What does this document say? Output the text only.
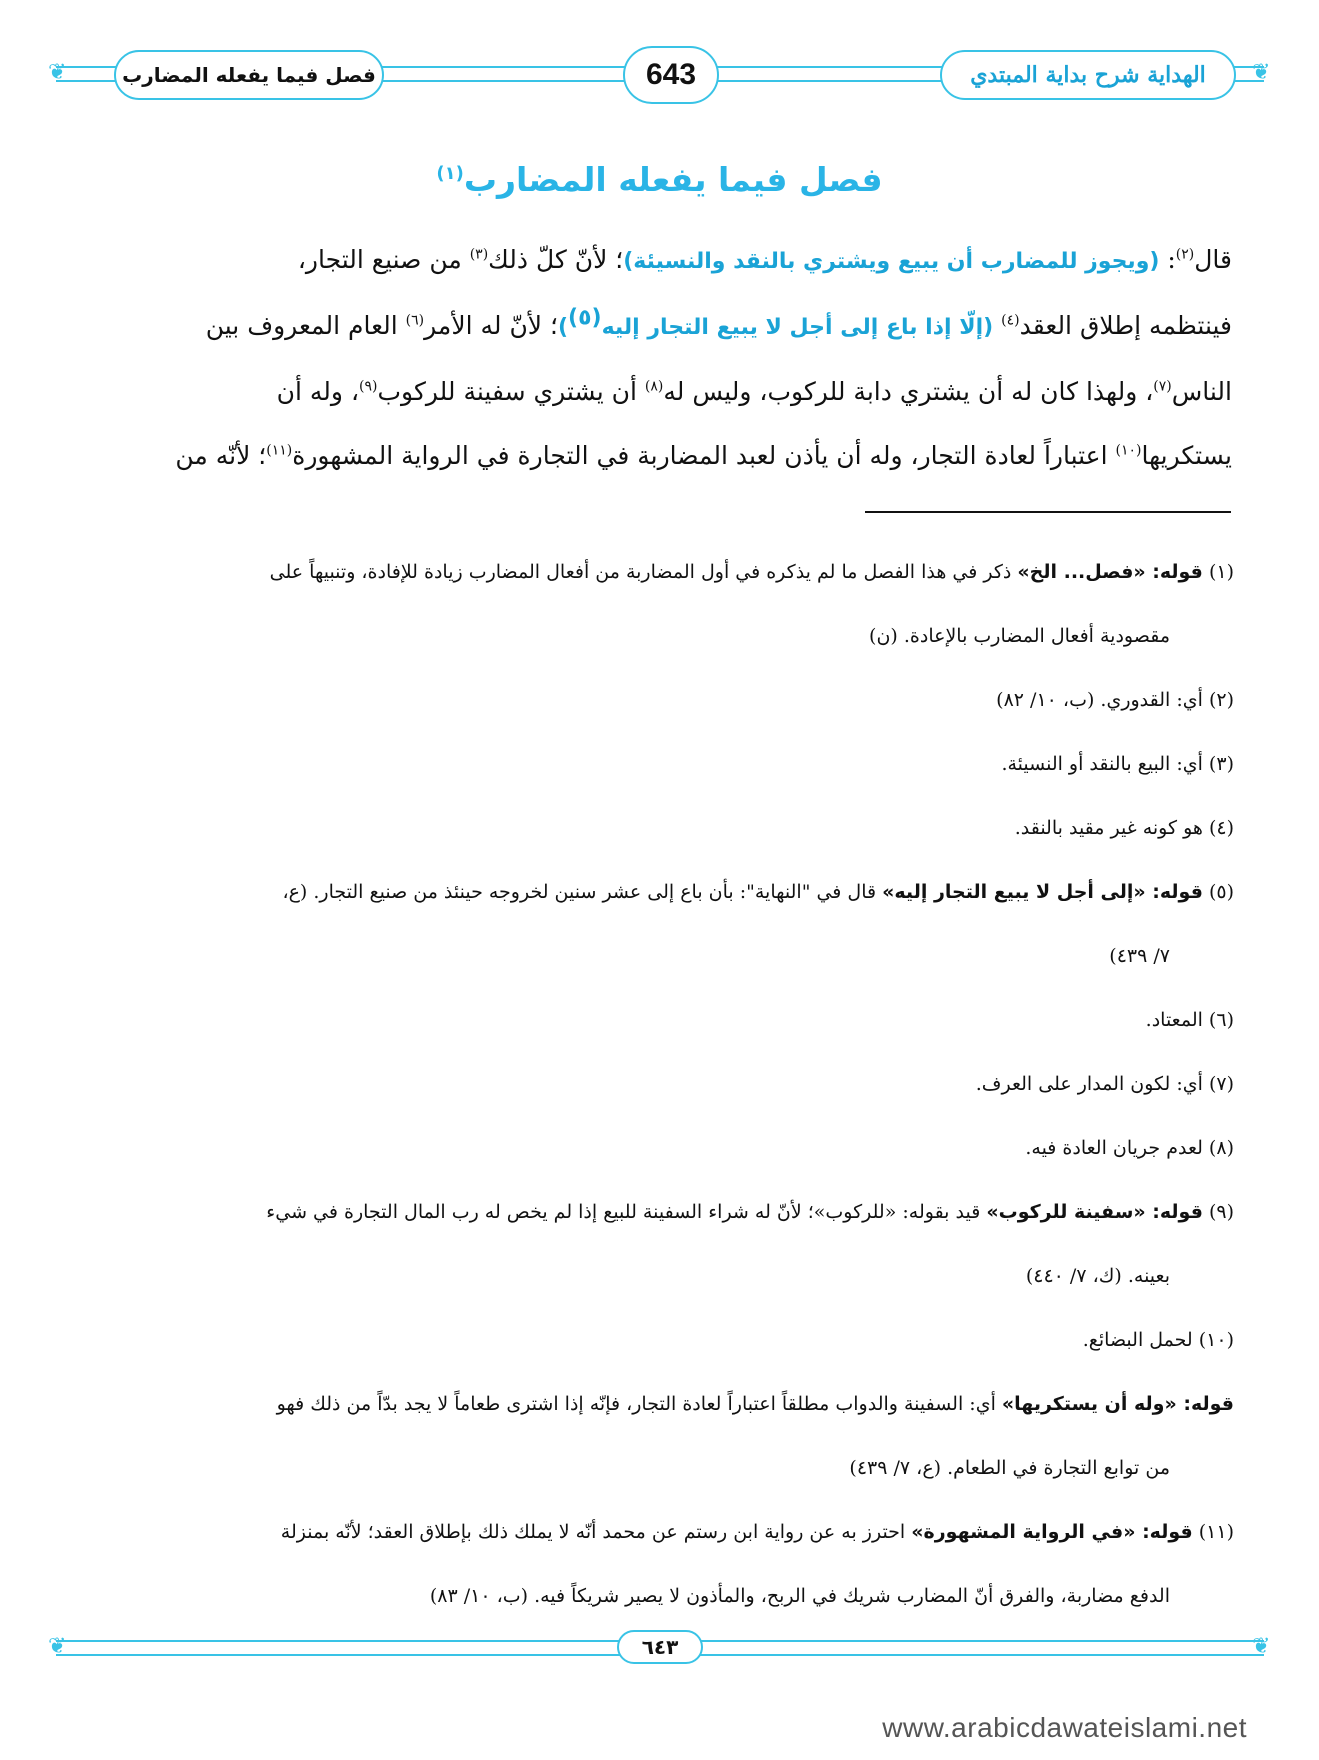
❦	❦
فصل فيما يفعله المضارب	643	الهداية شرح بداية المبتدي
فصل فيما يفعله المضارب$^{(١)}$
قال$^{(٢)}$: (ويجوز للمضارب أن يبيع ويشتري بالنقد والنسيئة)؛ لأنّ كلّ ذلك$^{(٣)}$ من صنيع التجار،
فينتظمه إطلاق العقد$^{(٤)}$ (إلّا إذا باع إلى أجل لا يبيع التجار إليه$^{(٥)}$)؛ لأنّ له الأمر$^{(٦)}$ العام المعروف بين
الناس$^{(٧)}$، ولهذا كان له أن يشتري دابة للركوب، وليس له$^{(٨)}$ أن يشتري سفينة للركوب$^{(٩)}$، وله أن
يستكريها$^{(١٠)}$ اعتباراً لعادة التجار، وله أن يأذن لعبد المضاربة في التجارة في الرواية المشهورة$^{(١١)}$؛ لأنّه من
(١) قوله: «فصل... الخ» ذكر في هذا الفصل ما لم يذكره في أول المضاربة من أفعال المضارب زيادة للإفادة، وتنبيهاً على
مقصودية أفعال المضارب بالإعادة. (ن)
(٢) أي: القدوري. (ب، ١٠/ ٨٢)
(٣) أي: البيع بالنقد أو النسيئة.
(٤) هو كونه غير مقيد بالنقد.
(٥) قوله: «إلى أجل لا يبيع التجار إليه» قال في "النهاية": بأن باع إلى عشر سنين لخروجه حينئذ من صنيع التجار. (ع،
٧/ ٤٣٩)
(٦) المعتاد.
(٧) أي: لكون المدار على العرف.
(٨) لعدم جريان العادة فيه.
(٩) قوله: «سفينة للركوب» قيد بقوله: «للركوب»؛ لأنّ له شراء السفينة للبيع إذا لم يخص له رب المال التجارة في شيء
بعينه. (ك، ٧/ ٤٤٠)
(١٠) لحمل البضائع.
قوله: «وله أن يستكريها» أي: السفينة والدواب مطلقاً اعتباراً لعادة التجار، فإنّه إذا اشترى طعاماً لا يجد بدّاً من ذلك فهو
من توابع التجارة في الطعام. (ع، ٧/ ٤٣٩)
(١١) قوله: «في الرواية المشهورة» احترز به عن رواية ابن رستم عن محمد أنّه لا يملك ذلك بإطلاق العقد؛ لأنّه بمنزلة
الدفع مضاربة، والفرق أنّ المضارب شريك في الربح، والمأذون لا يصير شريكاً فيه. (ب، ١٠/ ٨٣)
❦	❦
٦٤٣
www.arabicdawateislami.net
